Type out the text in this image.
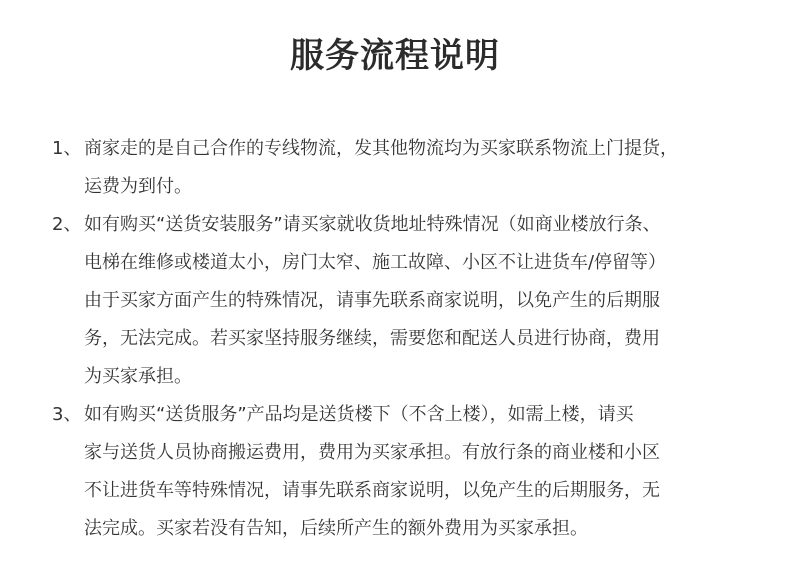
服务流程说明
1、 商家走的是自己合作的专线物流，发其他物流均为买家联系物流上门提货，
运费为到付。
2、 如有购买“送货安装服务”请买家就收货地址特殊情况（如商业楼放行条、
电梯在维修或楼道太小，房门太窄、施工故障、小区不让进货车/停留等）
由于买家方面产生的特殊情况，请事先联系商家说明，以免产生的后期服
务，无法完成。若买家坚持服务继续，需要您和配送人员进行协商，费用
为买家承担。
3、 如有购买“送货服务”产品均是送货楼下（不含上楼），如需上楼，请买
家与送货人员协商搬运费用，费用为买家承担。有放行条的商业楼和小区
不让进货车等特殊情况，请事先联系商家说明，以免产生的后期服务，无
法完成。买家若没有告知，后续所产生的额外费用为买家承担。
